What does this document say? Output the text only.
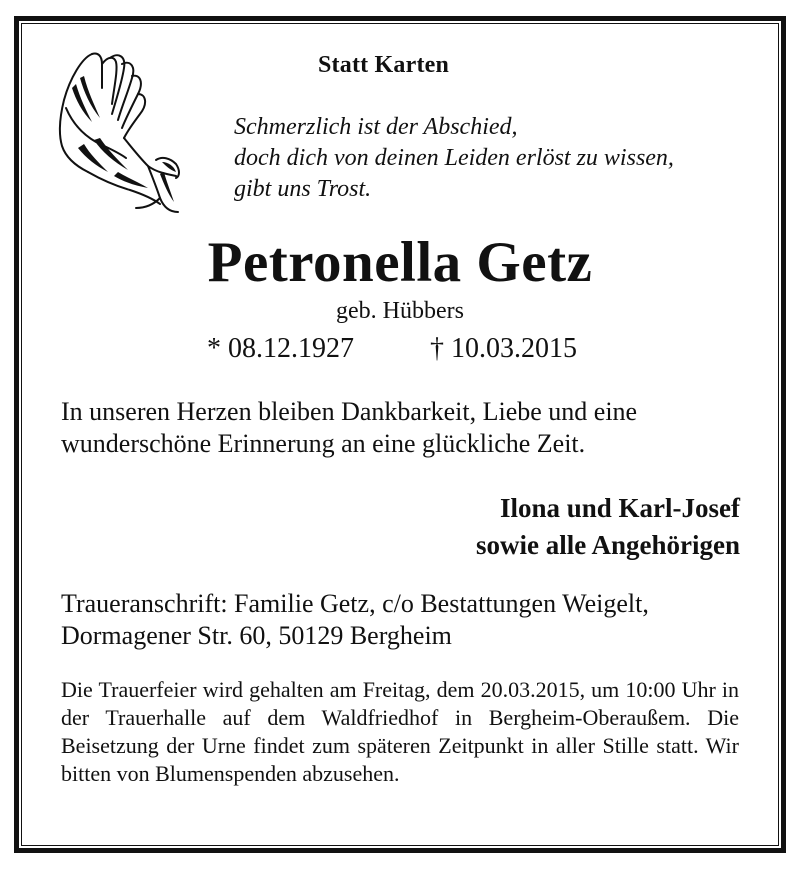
Statt Karten
Schmerzlich ist der Abschied,
doch dich von deinen Leiden erlöst zu wissen,
gibt uns Trost.
Petronella Getz
geb. Hübbers
* 08.12.1927	† 10.03.2015
In unseren Herzen bleiben Dankbarkeit, Liebe und eine
wunderschöne Erinnerung an eine glückliche Zeit.
Ilona und Karl-Josef
sowie alle Angehörigen
Traueranschrift: Familie Getz, c/o Bestattungen Weigelt,
Dormagener Str. 60, 50129 Bergheim
Die Trauerfeier wird gehalten am Freitag, dem 20.03.2015, um 10:00 Uhr in der Trauerhalle auf dem Waldfriedhof in Bergheim-Oberaußem. Die Beisetzung der Urne findet zum späteren Zeitpunkt in aller Stille statt. Wir bitten von Blumenspenden abzusehen.
